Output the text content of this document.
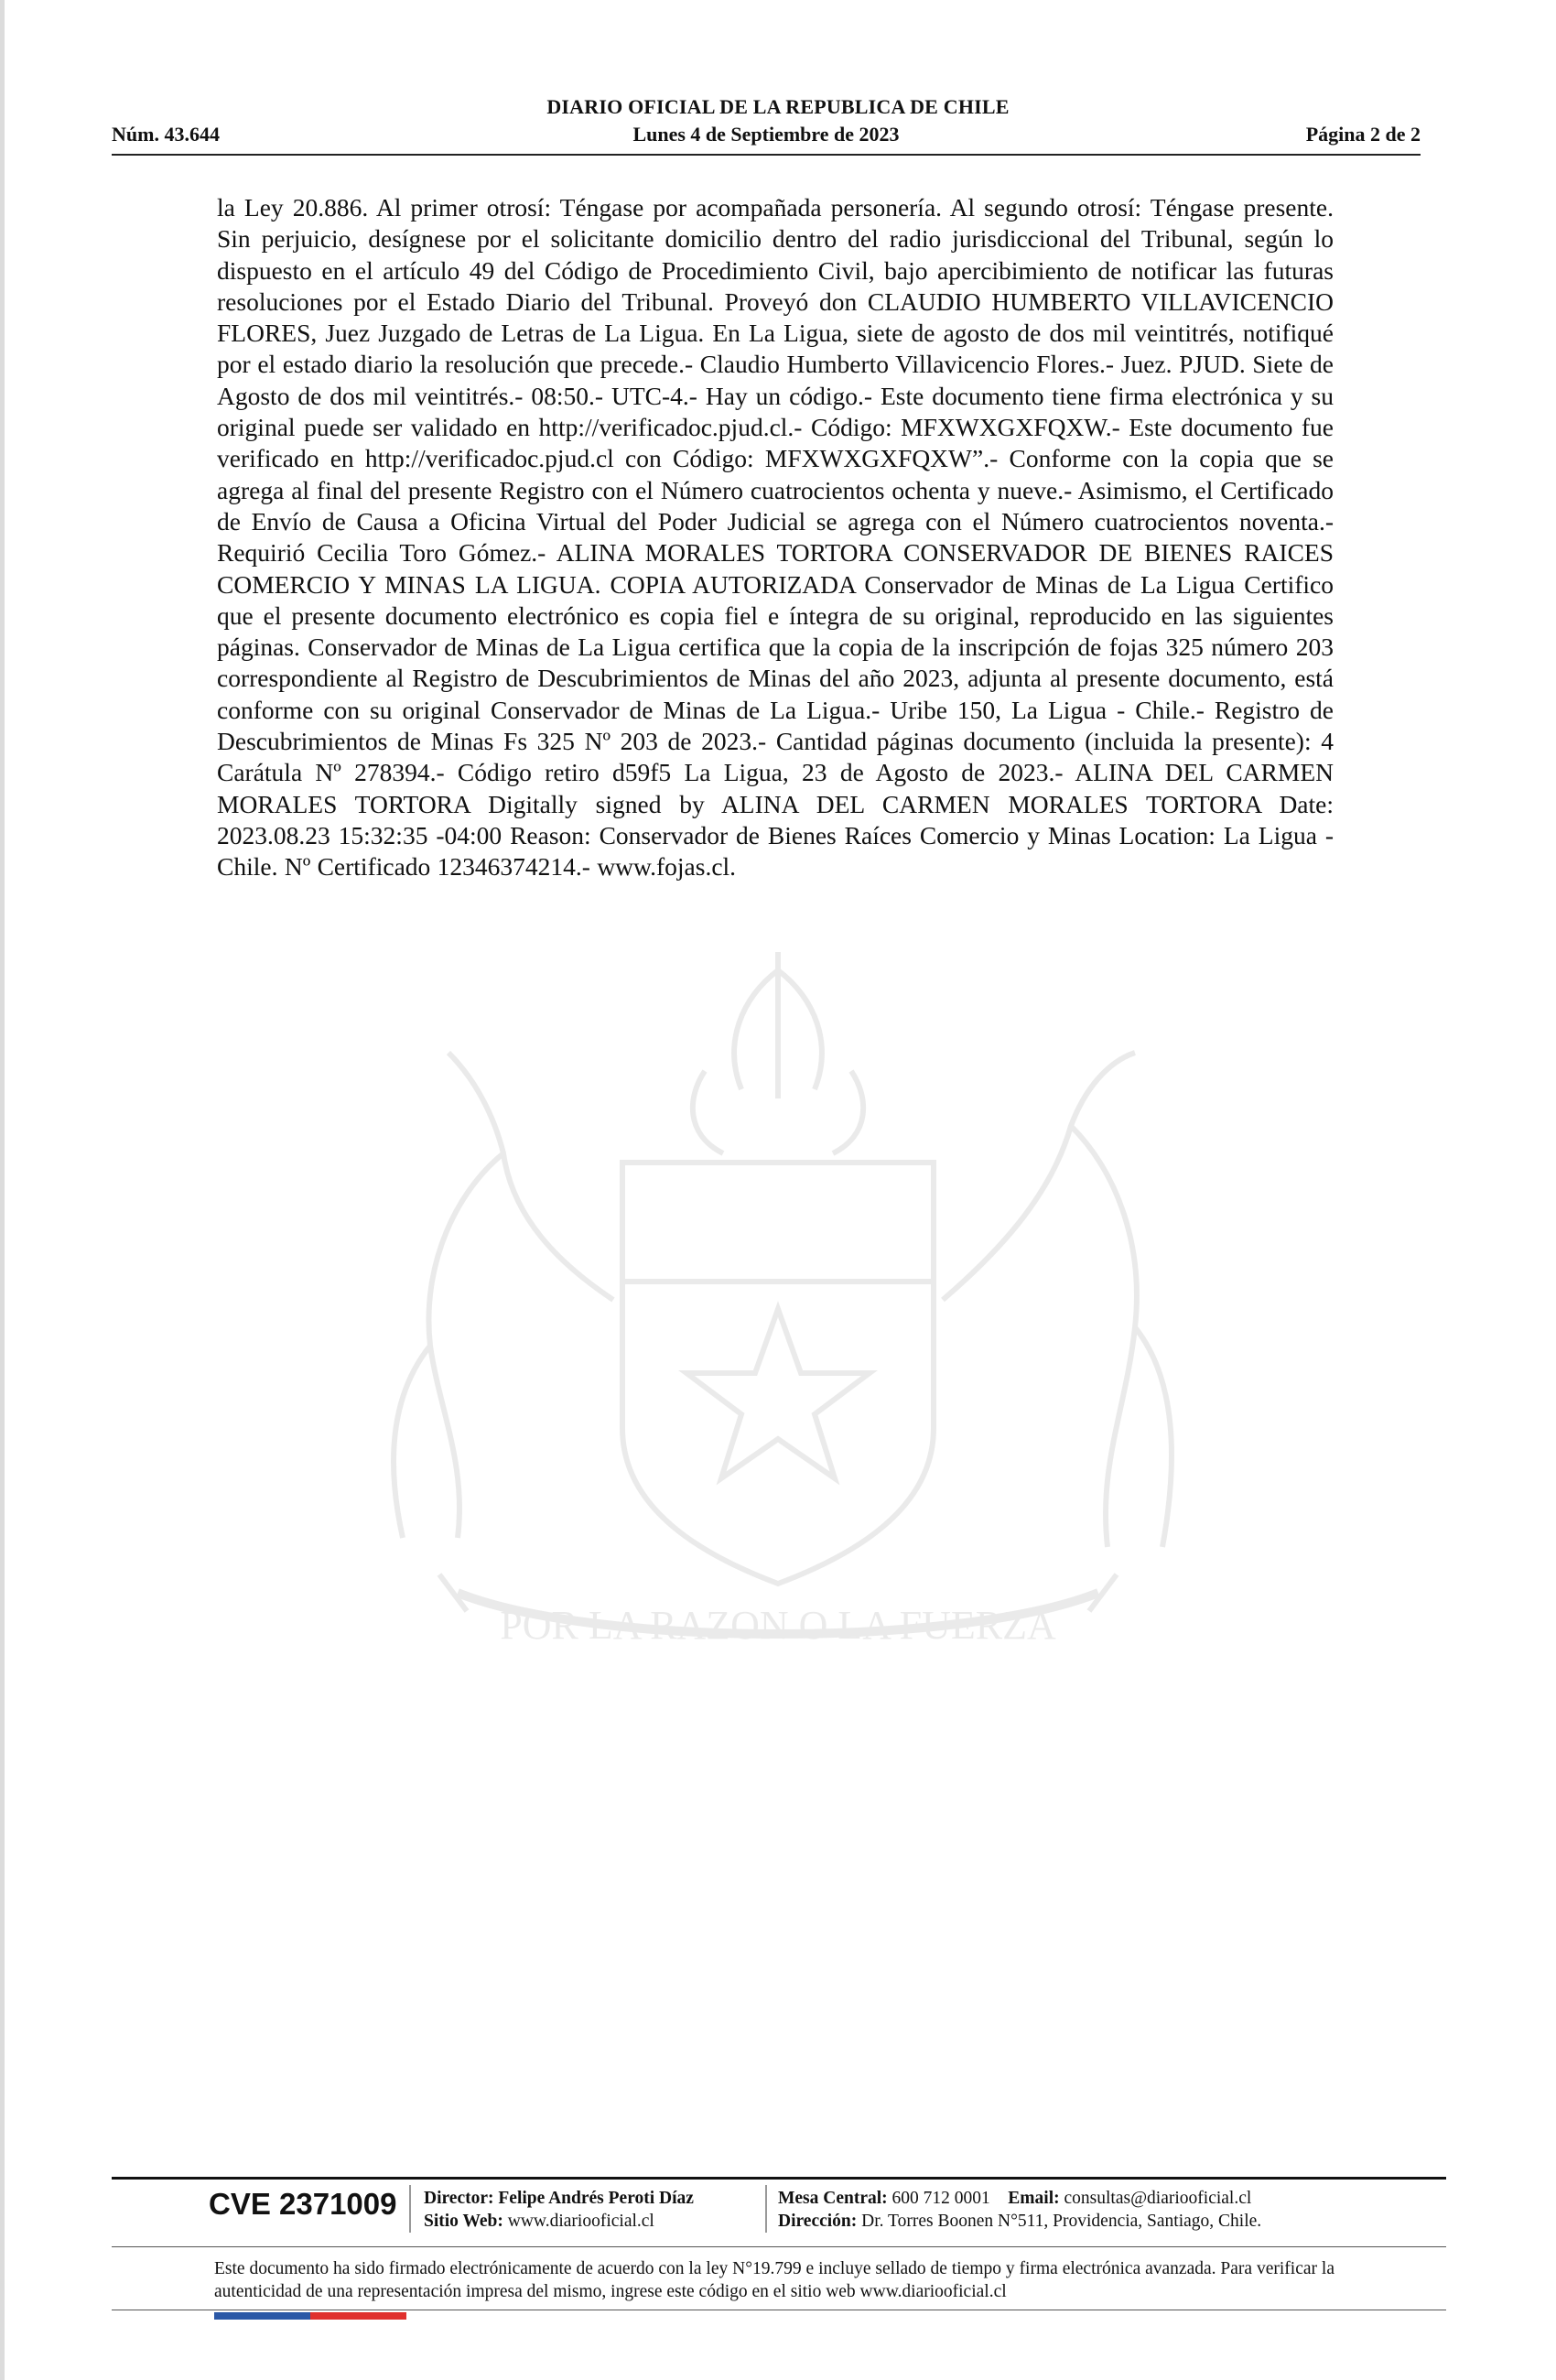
DIARIO OFICIAL DE LA REPUBLICA DE CHILE
Núm. 43.644	Lunes 4 de Septiembre de 2023	Página 2 de 2
POR LA RAZON O LA FUERZA
la Ley 20.886. Al primer otrosí: Téngase por acompañada personería. Al segundo otrosí: Téngase presente. Sin perjuicio, desígnese por el solicitante domicilio dentro del radio jurisdiccional del Tribunal, según lo dispuesto en el artículo 49 del Código de Procedimiento Civil, bajo apercibimiento de notificar las futuras resoluciones por el Estado Diario del Tribunal. Proveyó don CLAUDIO HUMBERTO VILLAVICENCIO FLORES, Juez Juzgado de Letras de La Ligua. En La Ligua, siete de agosto de dos mil veintitrés, notifiqué por el estado diario la resolución que precede.- Claudio Humberto Villavicencio Flores.- Juez. PJUD. Siete de Agosto de dos mil veintitrés.- 08:50.- UTC-4.- Hay un código.- Este documento tiene firma electrónica y su original puede ser validado en http://verificadoc.pjud.cl.- Código: MFXWXGXFQXW.- Este documento fue verificado en http://verificadoc.pjud.cl con Código: MFXWXGXFQXW”.- Conforme con la copia que se agrega al final del presente Registro con el Número cuatrocientos ochenta y nueve.- Asimismo, el Certificado de Envío de Causa a Oficina Virtual del Poder Judicial se agrega con el Número cuatrocientos noventa.- Requirió Cecilia Toro Gómez.- ALINA MORALES TORTORA CONSERVADOR DE BIENES RAICES COMERCIO Y MINAS LA LIGUA. COPIA AUTORIZADA Conservador de Minas de La Ligua Certifico que el presente documento electrónico es copia fiel e íntegra de su original, reproducido en las siguientes páginas. Conservador de Minas de La Ligua certifica que la copia de la inscripción de fojas 325 número 203 correspondiente al Registro de Descubrimientos de Minas del año 2023, adjunta al presente documento, está conforme con su original Conservador de Minas de La Ligua.- Uribe 150, La Ligua - Chile.- Registro de Descubrimientos de Minas Fs 325 Nº 203 de 2023.- Cantidad páginas documento (incluida la presente): 4 Carátula Nº 278394.- Código retiro d59f5 La Ligua, 23 de Agosto de 2023.- ALINA DEL CARMEN MORALES TORTORA Digitally signed by ALINA DEL CARMEN MORALES TORTORA Date: 2023.08.23 15:32:35 -04:00 Reason: Conservador de Bienes Raíces Comercio y Minas Location: La Ligua - Chile. Nº Certificado 12346374214.- www.fojas.cl.
CVE 2371009 Director: Felipe Andrés Peroti Díaz
Sitio Web: www.diariooficial.cl
Mesa Central: 600 712 0001 Email: consultas@diariooficial.cl
Dirección: Dr. Torres Boonen N°511, Providencia, Santiago, Chile.
Este documento ha sido firmado electrónicamente de acuerdo con la ley N°19.799 e incluye sellado de tiempo y firma electrónica avanzada. Para verificar la autenticidad de una representación impresa del mismo, ingrese este código en el sitio web www.diariooficial.cl
